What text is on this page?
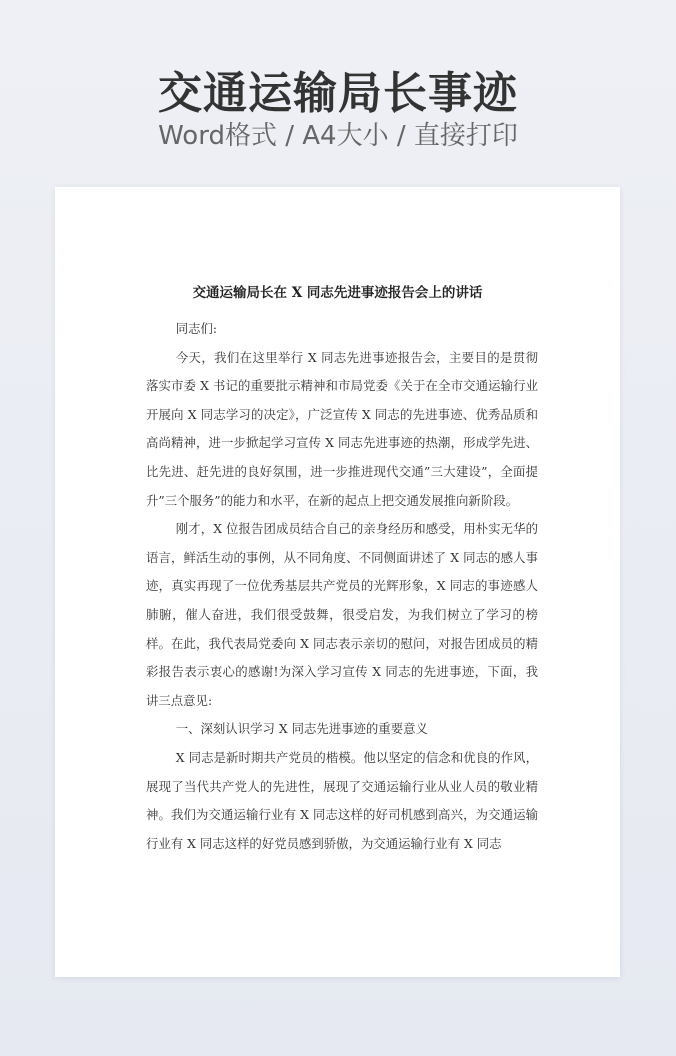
交通运输局长事迹
Word格式 / A4大小 / 直接打印
交通运输局长在 X 同志先进事迹报告会上的讲话

同志们:

今天，我们在这里举行 X 同志先进事迹报告会，主要目的是贯彻落实市委 X 书记的重要批示精神和市局党委《关于在全市交通运输行业开展向 X 同志学习的决定》，广泛宣传 X 同志的先进事迹、优秀品质和高尚精神，进一步掀起学习宣传 X 同志先进事迹的热潮，形成学先进、比先进、赶先进的良好氛围，进一步推进现代交通”三大建设”，全面提升”三个服务”的能力和水平，在新的起点上把交通发展推向新阶段。

刚才，X 位报告团成员结合自己的亲身经历和感受，用朴实无华的语言，鲜活生动的事例，从不同角度、不同侧面讲述了 X 同志的感人事迹，真实再现了一位优秀基层共产党员的光辉形象，X 同志的事迹感人肺腑，催人奋进，我们很受鼓舞，很受启发，为我们树立了学习的榜样。在此，我代表局党委向 X 同志表示亲切的慰问，对报告团成员的精彩报告表示衷心的感谢!为深入学习宣传 X 同志的先进事迹，下面，我讲三点意见:

一、深刻认识学习 X 同志先进事迹的重要意义

X 同志是新时期共产党员的楷模。他以坚定的信念和优良的作风，展现了当代共产党人的先进性，展现了交通运输行业从业人员的敬业精神。我们为交通运输行业有 X 同志这样的好司机感到高兴，为交通运输行业有 X 同志这样的好党员感到骄傲，为交通运输行业有 X 同志
